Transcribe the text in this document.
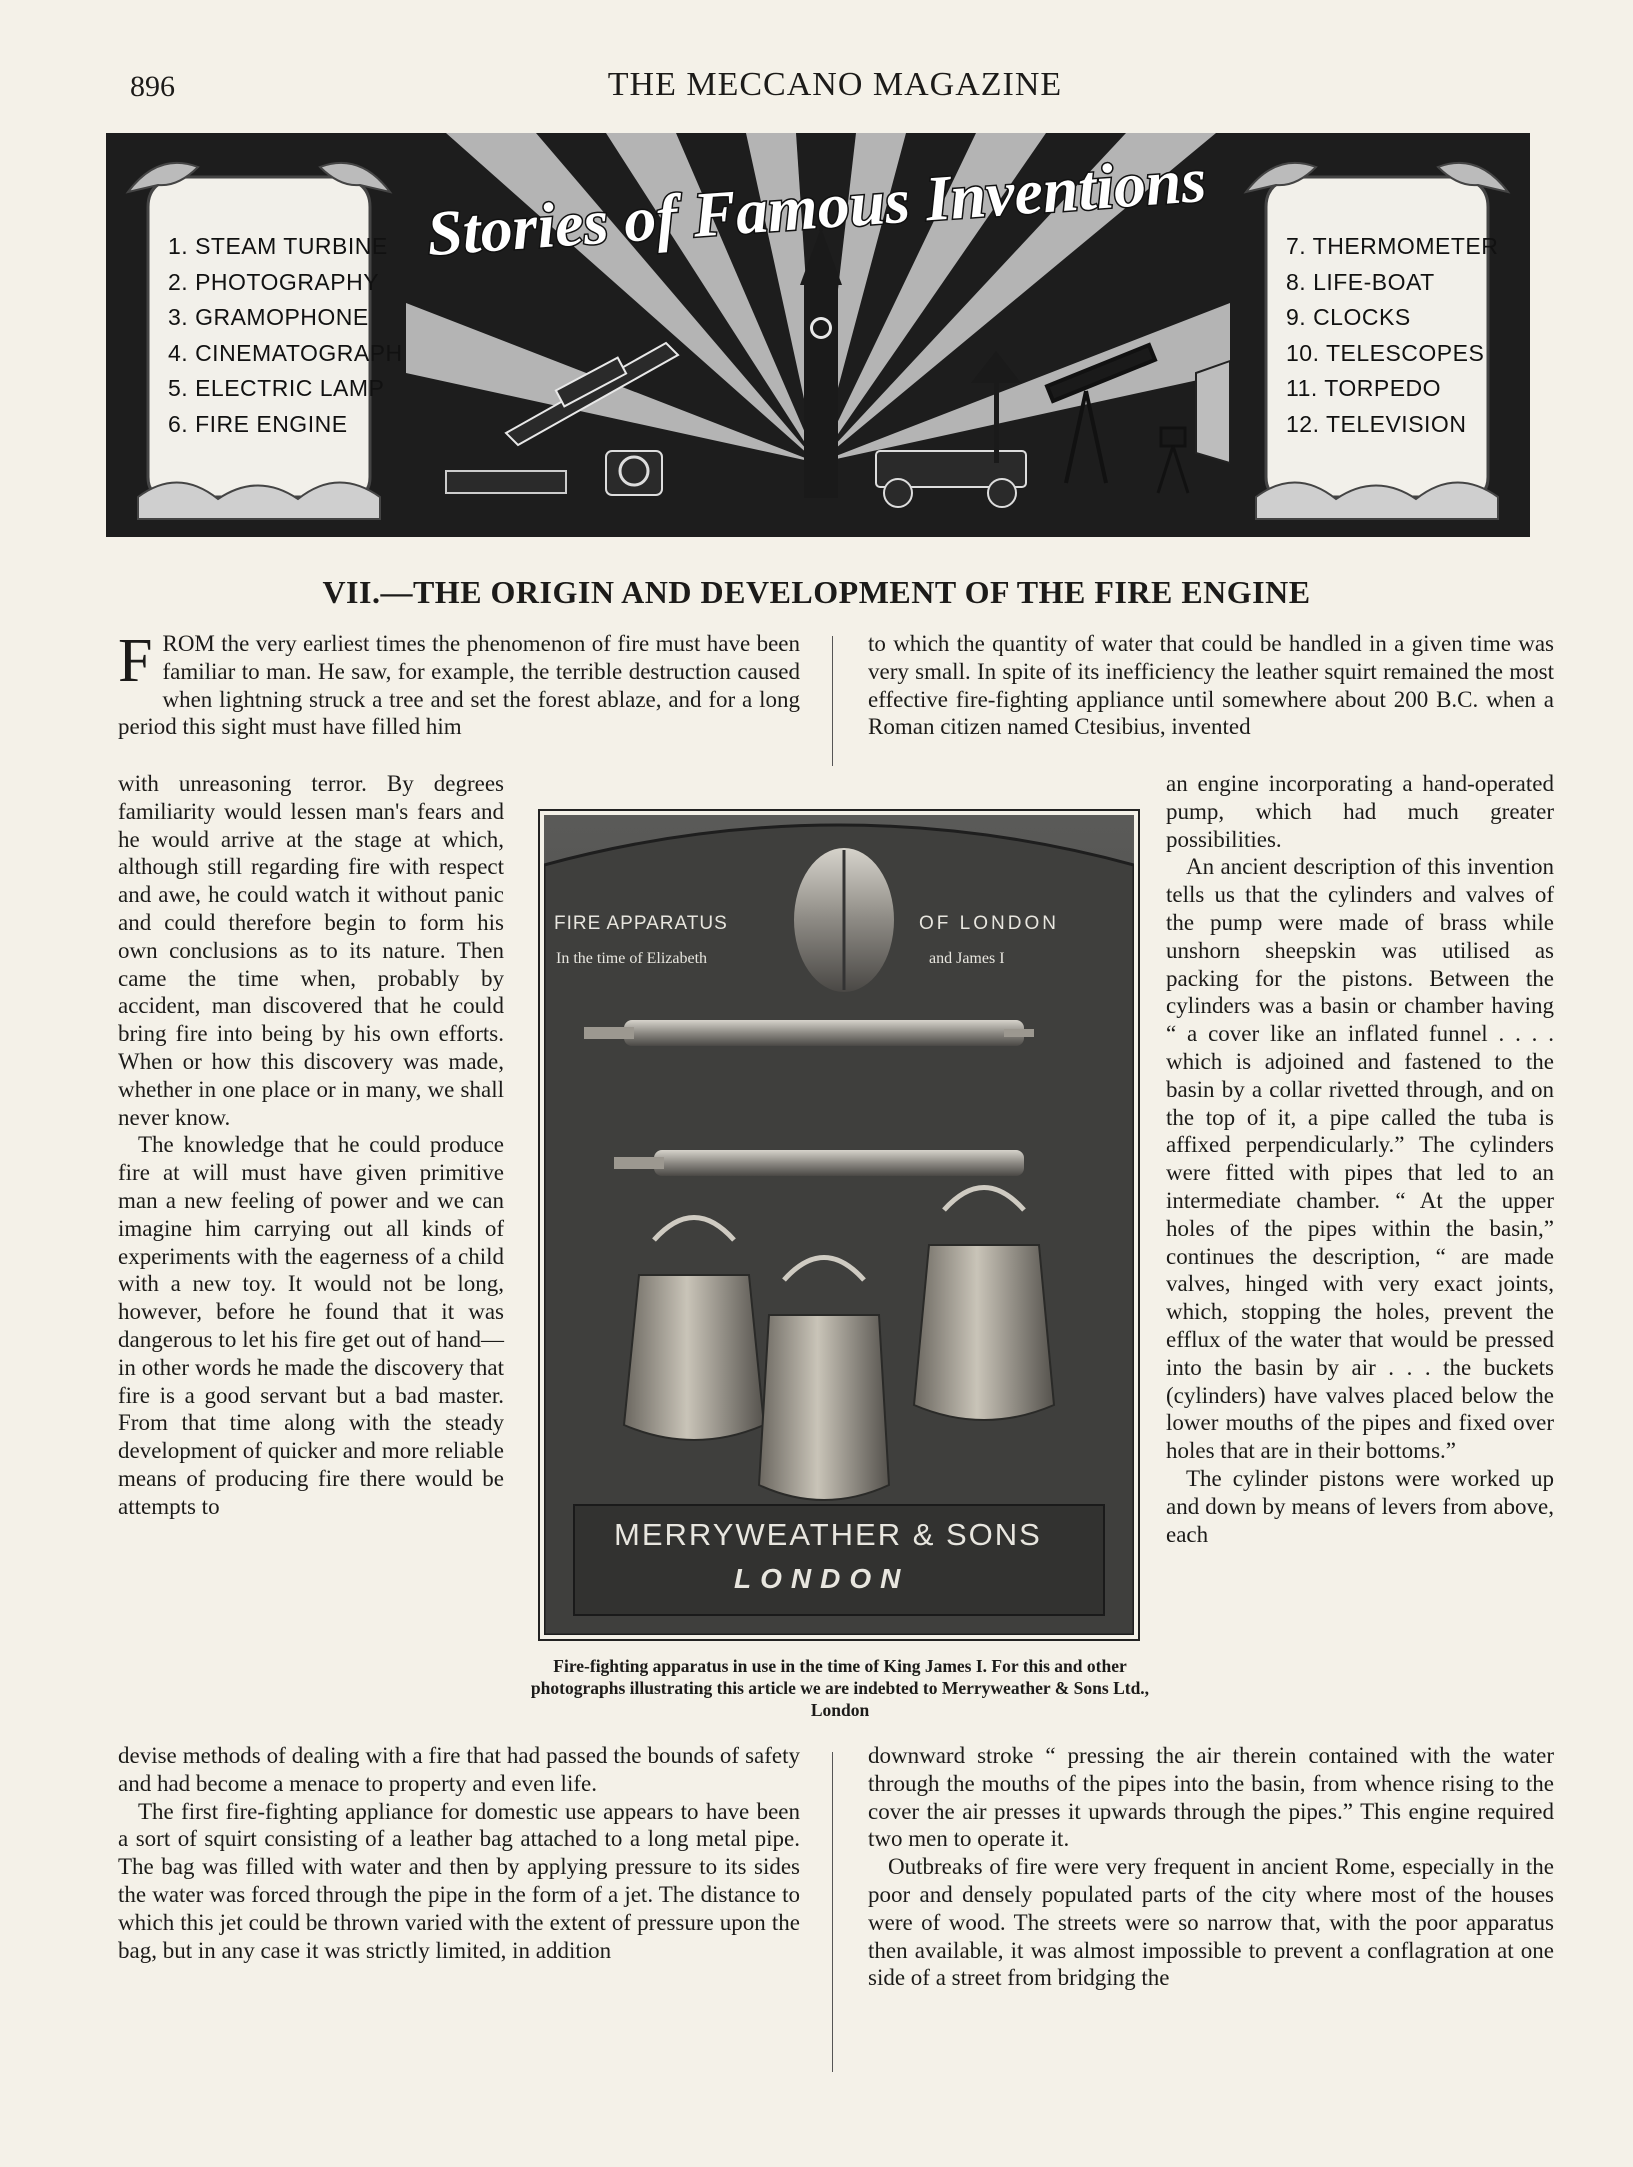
896	THE MECCANO MAGAZINE
Stories of Famous Inventions
1. STEAM TURBINE
2. PHOTOGRAPHY
3. GRAMOPHONE
4. CINEMATOGRAPH
5. ELECTRIC LAMP
6. FIRE ENGINE
7. THERMOMETER
8. LIFE-BOAT
9. CLOCKS
10. TELESCOPES
11. TORPEDO
12. TELEVISION
VII.—THE ORIGIN AND DEVELOPMENT OF THE FIRE ENGINE

FROM the very earliest times the phenomenon of fire must have been familiar to man. He saw, for example, the terrible destruction caused when lightning struck a tree and set the forest ablaze, and for a long period this sight must have filled him

with unreasoning terror. By degrees familiarity would lessen man's fears and he would arrive at the stage at which, although still regarding fire with respect and awe, he could watch it without panic and could therefore begin to form his own conclusions as to its nature. Then came the time when, probably by accident, man discovered that he could bring fire into being by his own efforts. When or how this discovery was made, whether in one place or in many, we shall never know.

The knowledge that he could produce fire at will must have given primitive man a new feeling of power and we can imagine him carrying out all kinds of experiments with the eagerness of a child with a new toy. It would not be long, however, before he found that it was dangerous to let his fire get out of hand—in other words he made the discovery that fire is a good servant but a bad master. From that time along with the steady development of quicker and more reliable means of producing fire there would be attempts to

devise methods of dealing with a fire that had passed the bounds of safety and had become a menace to property and even life.

The first fire-fighting appliance for domestic use appears to have been a sort of squirt consisting of a leather bag attached to a long metal pipe. The bag was filled with water and then by applying pressure to its sides the water was forced through the pipe in the form of a jet. The distance to which this jet could be thrown varied with the extent of pressure upon the bag, but in any case it was strictly limited, in addition

to which the quantity of water that could be handled in a given time was very small. In spite of its inefficiency the leather squirt remained the most effective fire-fighting appliance until somewhere about 200 B.C. when a Roman citizen named Ctesibius, invented

an engine incorporating a hand-operated pump, which had much greater possibilities.

An ancient description of this invention tells us that the cylinders and valves of the pump were made of brass while unshorn sheepskin was utilised as packing for the pistons. Between the cylinders was a basin or chamber having “ a cover like an inflated funnel . . . . which is adjoined and fastened to the basin by a collar rivetted through, and on the top of it, a pipe called the tuba is affixed perpendicularly.” The cylinders were fitted with pipes that led to an intermediate chamber. “ At the upper holes of the pipes within the basin,” continues the description, “ are made valves, hinged with very exact joints, which, stopping the holes, prevent the efflux of the water that would be pressed into the basin by air . . . the buckets (cylinders) have valves placed below the lower mouths of the pipes and fixed over holes that are in their bottoms.”

The cylinder pistons were worked up and down by means of levers from above, each

downward stroke “ pressing the air therein contained with the water through the mouths of the pipes into the basin, from whence rising to the cover the air presses it upwards through the pipes.” This engine required two men to operate it.

Outbreaks of fire were very frequent in ancient Rome, especially in the poor and densely populated parts of the city where most of the houses were of wood. The streets were so narrow that, with the poor apparatus then available, it was almost impossible to prevent a conflagration at one side of a street from bridging the

FIRE APPARATUS	OF LONDON
In the time of Elizabeth	and James I
MERRYWEATHER & SONS
LONDON
Fire-fighting apparatus in use in the time of King James I. For this and other photographs illustrating this article we are indebted to Merryweather & Sons Ltd., London
